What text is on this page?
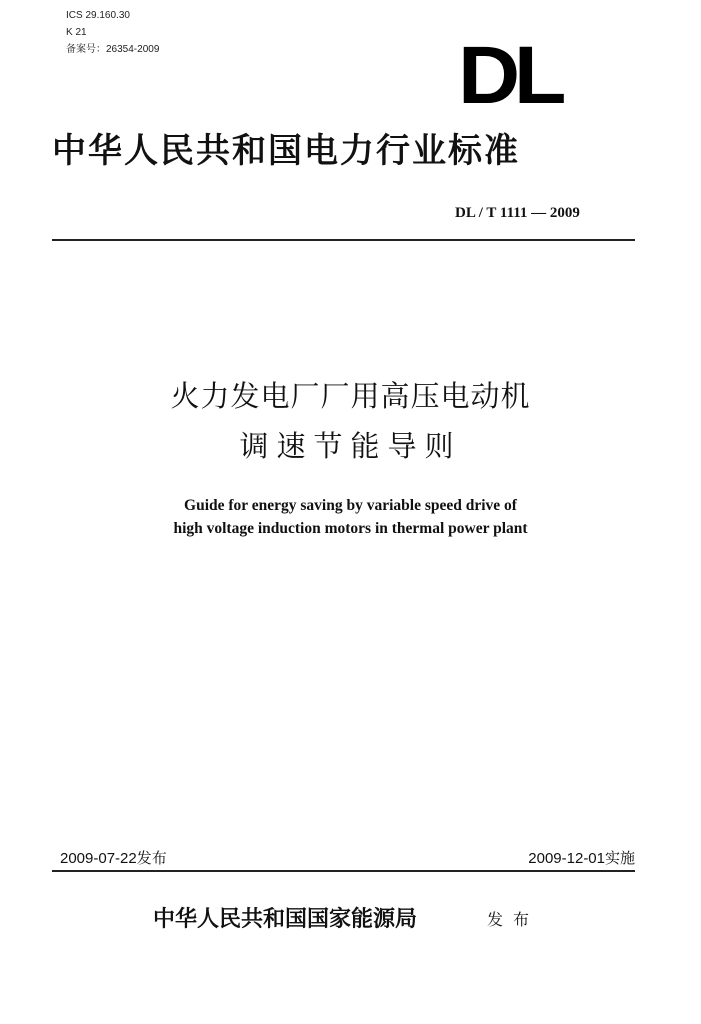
ICS 29.160.30
K 21
备案号：26354-2009	DL
中华人民共和国电力行业标准
DL / T 1111 — 2009
火力发电厂厂用高压电动机
调速节能导则
Guide for energy saving by variable speed drive of
high voltage induction motors in thermal power plant
2009-07-22发布	2009-12-01实施
中华人民共和国国家能源局	发布
